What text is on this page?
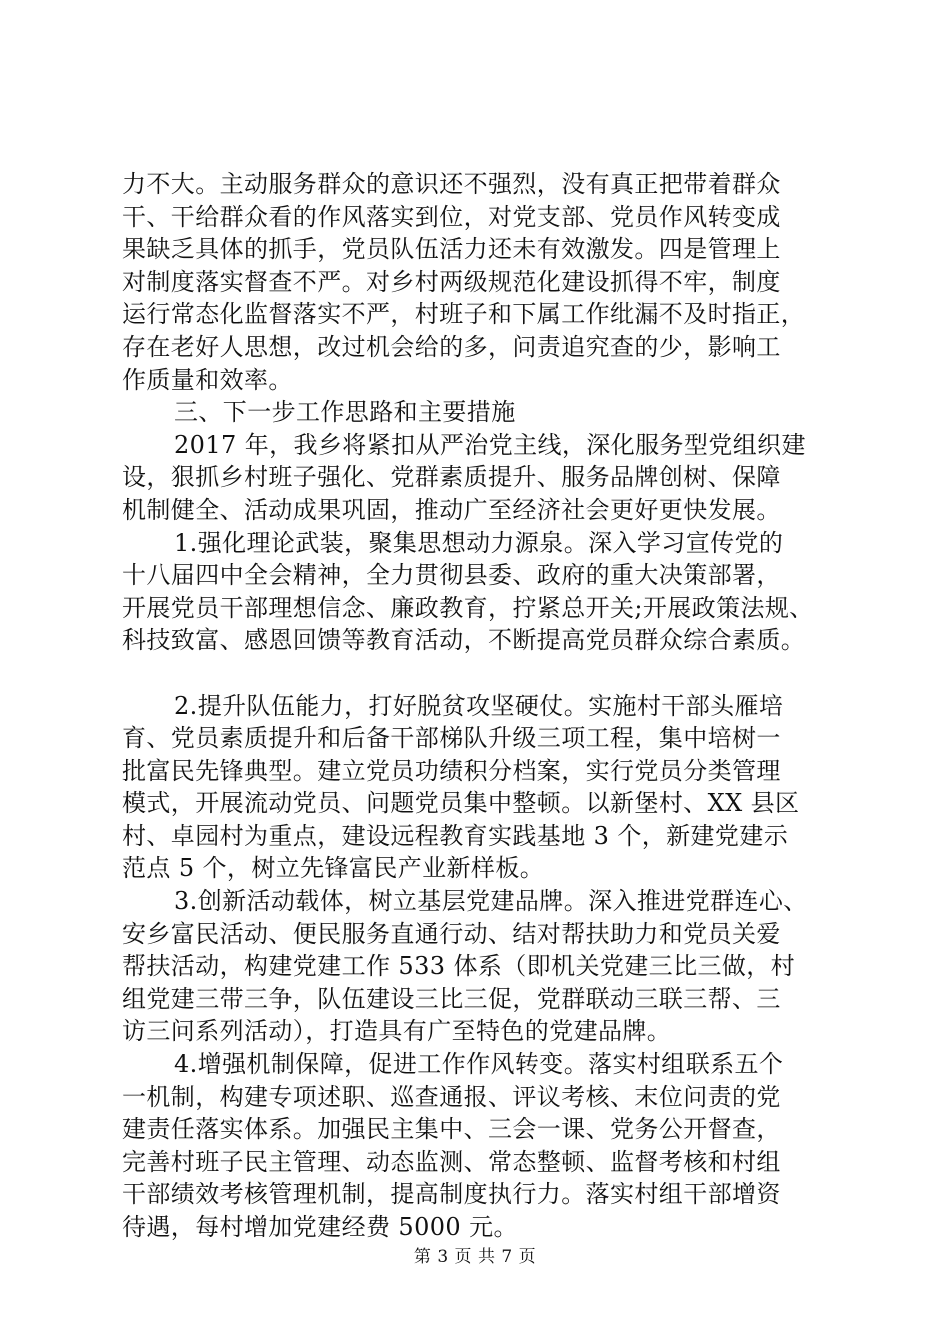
力不大。主动服务群众的意识还不强烈，没有真正把带着群众
干、干给群众看的作风落实到位，对党支部、党员作风转变成
果缺乏具体的抓手，党员队伍活力还未有效激发。四是管理上
对制度落实督查不严。对乡村两级规范化建设抓得不牢，制度
运行常态化监督落实不严，村班子和下属工作纰漏不及时指正，
存在老好人思想，改过机会给的多，问责追究查的少，影响工
作质量和效率。
三、下一步工作思路和主要措施
2017 年，我乡将紧扣从严治党主线，深化服务型党组织建
设，狠抓乡村班子强化、党群素质提升、服务品牌创树、保障
机制健全、活动成果巩固，推动广至经济社会更好更快发展。
1.强化理论武装，聚集思想动力源泉。深入学习宣传党的
十八届四中全会精神，全力贯彻县委、政府的重大决策部署，
开展党员干部理想信念、廉政教育，拧紧总开关;开展政策法规、
科技致富、感恩回馈等教育活动，不断提高党员群众综合素质。
2.提升队伍能力，打好脱贫攻坚硬仗。实施村干部头雁培
育、党员素质提升和后备干部梯队升级三项工程，集中培树一
批富民先锋典型。建立党员功绩积分档案，实行党员分类管理
模式，开展流动党员、问题党员集中整顿。以新堡村、XX 县区
村、卓园村为重点，建设远程教育实践基地 3 个，新建党建示
范点 5 个，树立先锋富民产业新样板。
3.创新活动载体，树立基层党建品牌。深入推进党群连心、
安乡富民活动、便民服务直通行动、结对帮扶助力和党员关爱
帮扶活动，构建党建工作 533 体系（即机关党建三比三做，村
组党建三带三争，队伍建设三比三促，党群联动三联三帮、三
访三问系列活动），打造具有广至特色的党建品牌。
4.增强机制保障，促进工作作风转变。落实村组联系五个
一机制，构建专项述职、巡查通报、评议考核、末位问责的党
建责任落实体系。加强民主集中、三会一课、党务公开督查，
完善村班子民主管理、动态监测、常态整顿、监督考核和村组
干部绩效考核管理机制，提高制度执行力。落实村组干部增资
待遇，每村增加党建经费 5000 元。
第 3 页 共 7 页
